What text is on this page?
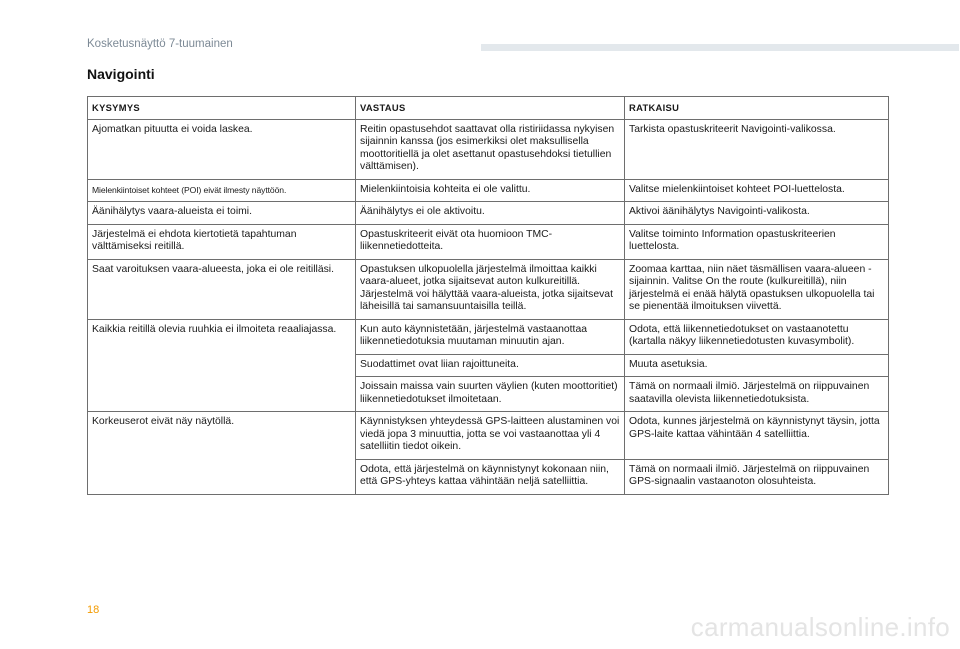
Kosketusnäyttö 7-tuumainen
Navigointi
KYSYMYS	VASTAUS	RATKAISU
Ajomatkan pituutta ei voida laskea.	Reitin opastusehdot saattavat olla ristiriidassa nykyisen sijainnin kanssa (jos esimerkiksi olet maksullisella moottoritiellä ja olet asettanut opastusehdoksi tietullien välttämisen).	Tarkista opastuskriteerit Navigointi-valikossa.
Mielenkiintoiset kohteet (POI) eivät ilmesty näyttöön.	Mielenkiintoisia kohteita ei ole valittu.	Valitse mielenkiintoiset kohteet POI-luettelosta.
Äänihälytys vaara-alueista ei toimi.	Äänihälytys ei ole aktivoitu.	Aktivoi äänihälytys Navigointi-valikosta.
Järjestelmä ei ehdota kiertotietä tapahtuman välttämiseksi reitillä.	Opastuskriteerit eivät ota huomioon TMC-liikennetiedotteita.	Valitse toiminto Information opastuskriteerien luettelosta.
Saat varoituksen vaara-alueesta, joka ei ole reitilläsi.	Opastuksen ulkopuolella järjestelmä ilmoittaa kaikki vaara-alueet, jotka sijaitsevat auton kulkureitillä. Järjestelmä voi hälyttää vaara-alueista, jotka sijaitsevat läheisillä tai samansuuntaisilla teillä.	Zoomaa karttaa, niin näet täsmällisen vaara-alueen -sijainnin. Valitse On the route (kulkureitillä), niin järjestelmä ei enää hälytä opastuksen ulkopuolella tai se pienentää ilmoituksen viivettä.
Kaikkia reitillä olevia ruuhkia ei ilmoiteta reaaliajassa.	Kun auto käynnistetään, järjestelmä vastaanottaa liikennetiedotuksia muutaman minuutin ajan.	Odota, että liikennetiedotukset on vastaanotettu (kartalla näkyy liikennetiedotusten kuvasymbolit).
	Suodattimet ovat liian rajoittuneita.	Muuta asetuksia.
	Joissain maissa vain suurten väylien (kuten moottoritiet) liikennetiedotukset ilmoitetaan.	Tämä on normaali ilmiö. Järjestelmä on riippuvainen saatavilla olevista liikennetiedotuksista.
Korkeuserot eivät näy näytöllä.	Käynnistyksen yhteydessä GPS-laitteen alustaminen voi viedä jopa 3 minuuttia, jotta se voi vastaanottaa yli 4 satelliitin tiedot oikein.	Odota, kunnes järjestelmä on käynnistynyt täysin, jotta GPS-laite kattaa vähintään 4 satelliittia.
	Odota, että järjestelmä on käynnistynyt kokonaan niin, että GPS-yhteys kattaa vähintään neljä satelliittia.	Tämä on normaali ilmiö. Järjestelmä on riippuvainen GPS-signaalin vastaanoton olosuhteista.
18
carmanualsonline.info
